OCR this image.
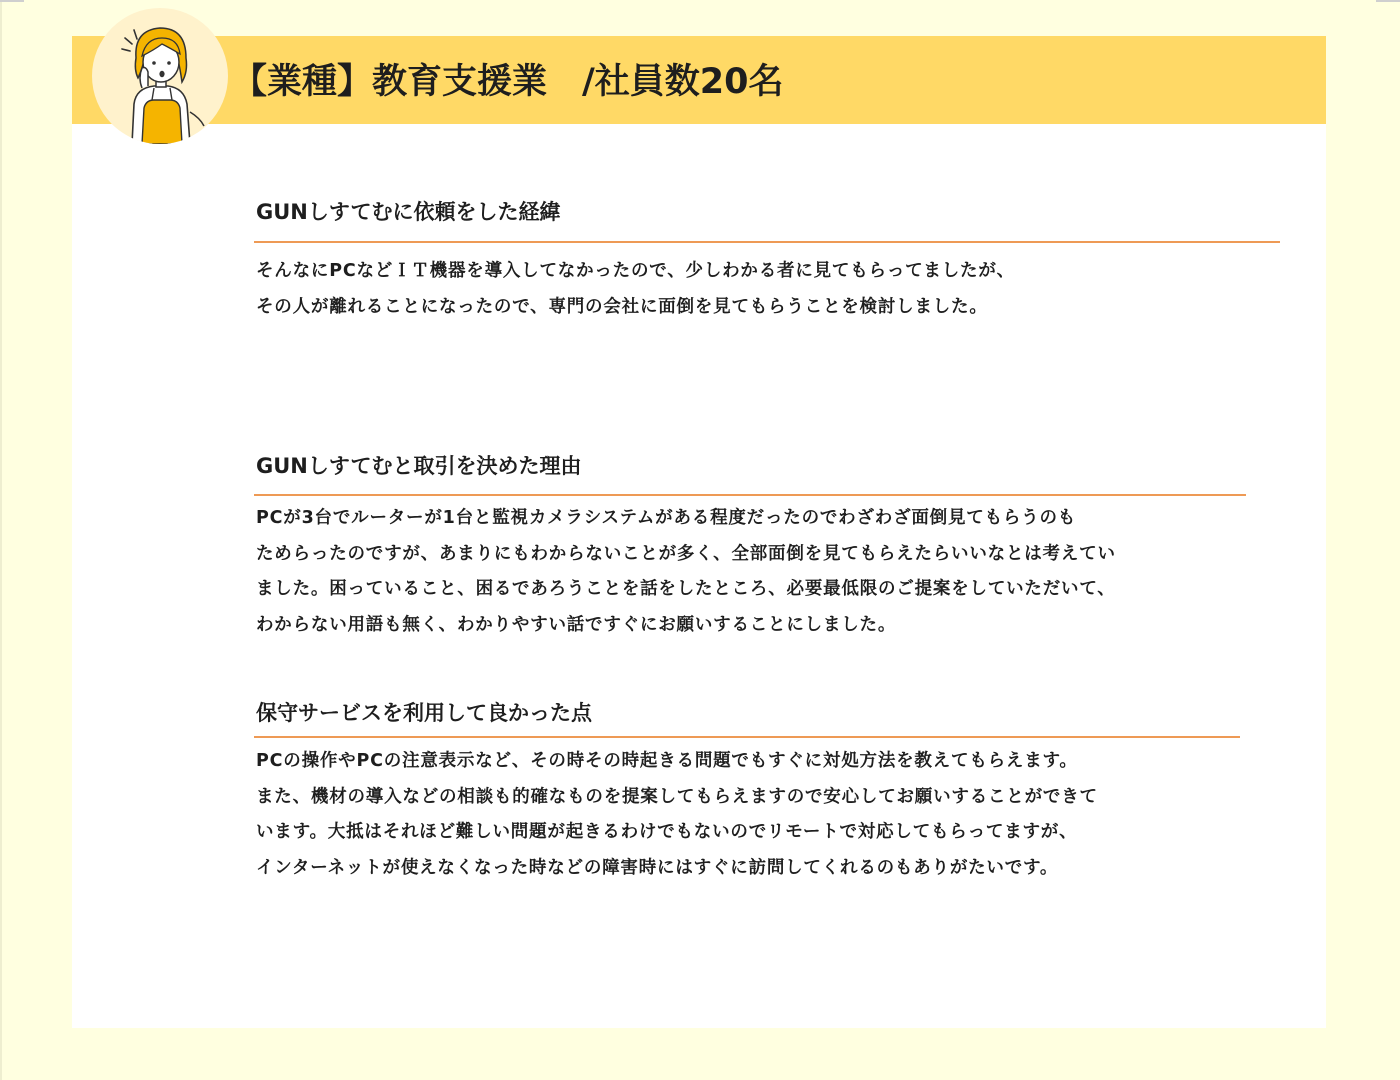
【業種】教育支援業　/社員数20名
GUNしすてむに依頼をした経緯

そんなにPCなどＩＴ機器を導入してなかったので、少しわかる者に見てもらってましたが、
その人が離れることになったので、専門の会社に面倒を見てもらうことを検討しました。

GUNしすてむと取引を決めた理由

PCが3台でルーターが1台と監視カメラシステムがある程度だったのでわざわざ面倒見てもらうのも
ためらったのですが、あまりにもわからないことが多く、全部面倒を見てもらえたらいいなとは考えてい
ました。困っていること、困るであろうことを話をしたところ、必要最低限のご提案をしていただいて、
わからない用語も無く、わかりやすい話ですぐにお願いすることにしました。

保守サービスを利用して良かった点

PCの操作やPCの注意表示など、その時その時起きる問題でもすぐに対処方法を教えてもらえます。
また、機材の導入などの相談も的確なものを提案してもらえますので安心してお願いすることができて
います。大抵はそれほど難しい問題が起きるわけでもないのでリモートで対応してもらってますが、
インターネットが使えなくなった時などの障害時にはすぐに訪問してくれるのもありがたいです。
